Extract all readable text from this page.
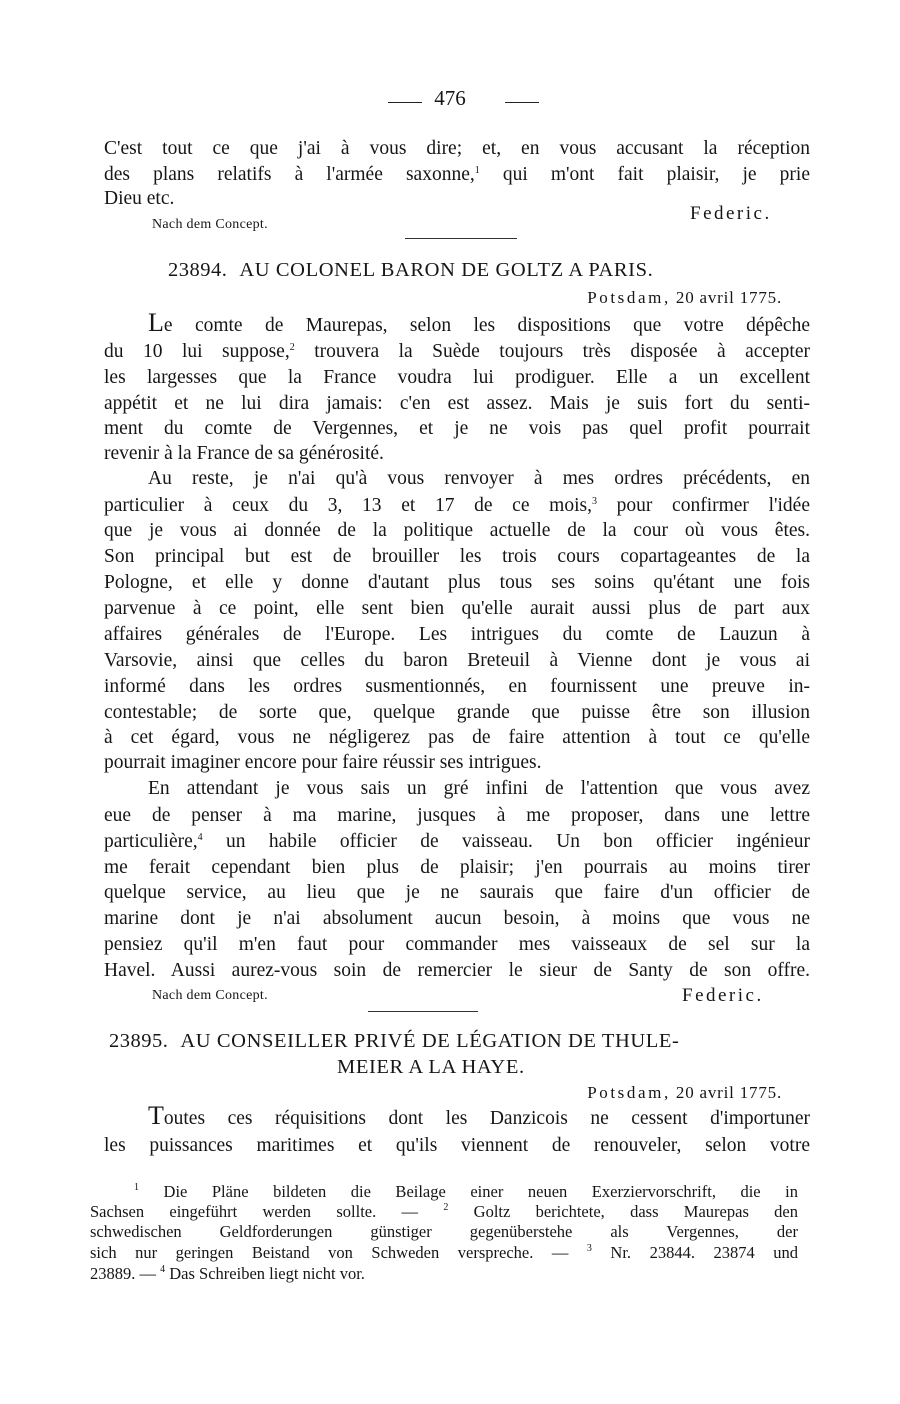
476
C'est tout ce que j'ai à vous dire; et, en vous accusant la réception
des plans relatifs à l'armée saxonne,$^1$ qui m'ont fait plaisir, je prie
Dieu etc.
Federic.
Nach dem Concept.
23894. AU COLONEL BARON DE GOLTZ A PARIS.
Potsdam, 20 avril 1775.
Le comte de Maurepas, selon les dispositions que votre dépêche
du 10 lui suppose,$^2$ trouvera la Suède toujours très disposée à accepter
les largesses que la France voudra lui prodiguer. Elle a un excellent
appétit et ne lui dira jamais: c'en est assez. Mais je suis fort du senti-
ment du comte de Vergennes, et je ne vois pas quel profit pourrait
revenir à la France de sa générosité.
Au reste, je n'ai qu'à vous renvoyer à mes ordres précédents, en
particulier à ceux du 3, 13 et 17 de ce mois,$^3$ pour confirmer l'idée
que je vous ai donnée de la politique actuelle de la cour où vous êtes.
Son principal but est de brouiller les trois cours copartageantes de la
Pologne, et elle y donne d'autant plus tous ses soins qu'étant une fois
parvenue à ce point, elle sent bien qu'elle aurait aussi plus de part aux
affaires générales de l'Europe. Les intrigues du comte de Lauzun à
Varsovie, ainsi que celles du baron Breteuil à Vienne dont je vous ai
informé dans les ordres susmentionnés, en fournissent une preuve in-
contestable; de sorte que, quelque grande que puisse être son illusion
à cet égard, vous ne négligerez pas de faire attention à tout ce qu'elle
pourrait imaginer encore pour faire réussir ses intrigues.
En attendant je vous sais un gré infini de l'attention que vous avez
eue de penser à ma marine, jusques à me proposer, dans une lettre
particulière,$^4$ un habile officier de vaisseau. Un bon officier ingénieur
me ferait cependant bien plus de plaisir; j'en pourrais au moins tirer
quelque service, au lieu que je ne saurais que faire d'un officier de
marine dont je n'ai absolument aucun besoin, à moins que vous ne
pensiez qu'il m'en faut pour commander mes vaisseaux de sel sur la
Havel. Aussi aurez-vous soin de remercier le sieur de Santy de son offre.
Nach dem Concept.	Federic.
23895. AU CONSEILLER PRIVÉ DE LÉGATION DE THULE-
MEIER A LA HAYE.
Potsdam, 20 avril 1775.
Toutes ces réquisitions dont les Danzicois ne cessent d'importuner
les puissances maritimes et qu'ils viennent de renouveler, selon votre
$^1$ Die Pläne bildeten die Beilage einer neuen Exerziervorschrift, die in
Sachsen eingeführt werden sollte. — $^2$ Goltz berichtete, dass Maurepas den
schwedischen Geldforderungen günstiger gegenüberstehe als Vergennes, der
sich nur geringen Beistand von Schweden verspreche. — $^3$ Nr. 23844. 23874 und
23889. — $^4$ Das Schreiben liegt nicht vor.
